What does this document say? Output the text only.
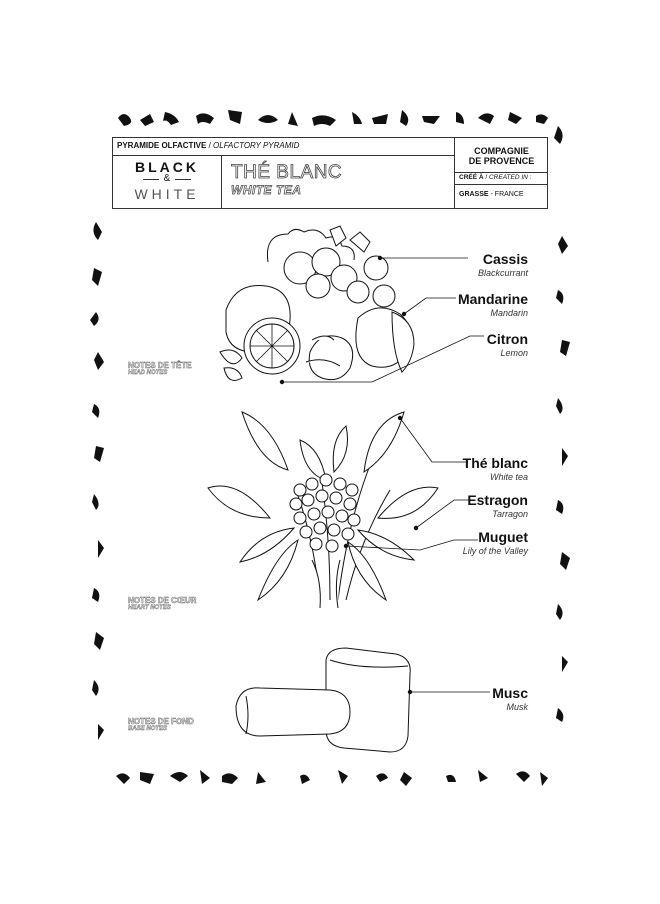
PYRAMIDE OLFACTIVE / OLFACTORY PYRAMID
BLACK
&
WHITE
THÉ BLANC
WHITE TEA
COMPAGNIE
DE PROVENCE
CRÉÉ À / CREATED IN :
GRASSE - FRANCE
NOTES DE TÊTE
HEAD NOTES
NOTES DE CŒUR
HEART NOTES
NOTES DE FOND
BASE NOTES
Cassis
Blackcurrant
Mandarine
Mandarin
Citron
Lemon
Thé blanc
White tea
Estragon
Tarragon
Muguet
Lily of the Valley
Musc
Musk
